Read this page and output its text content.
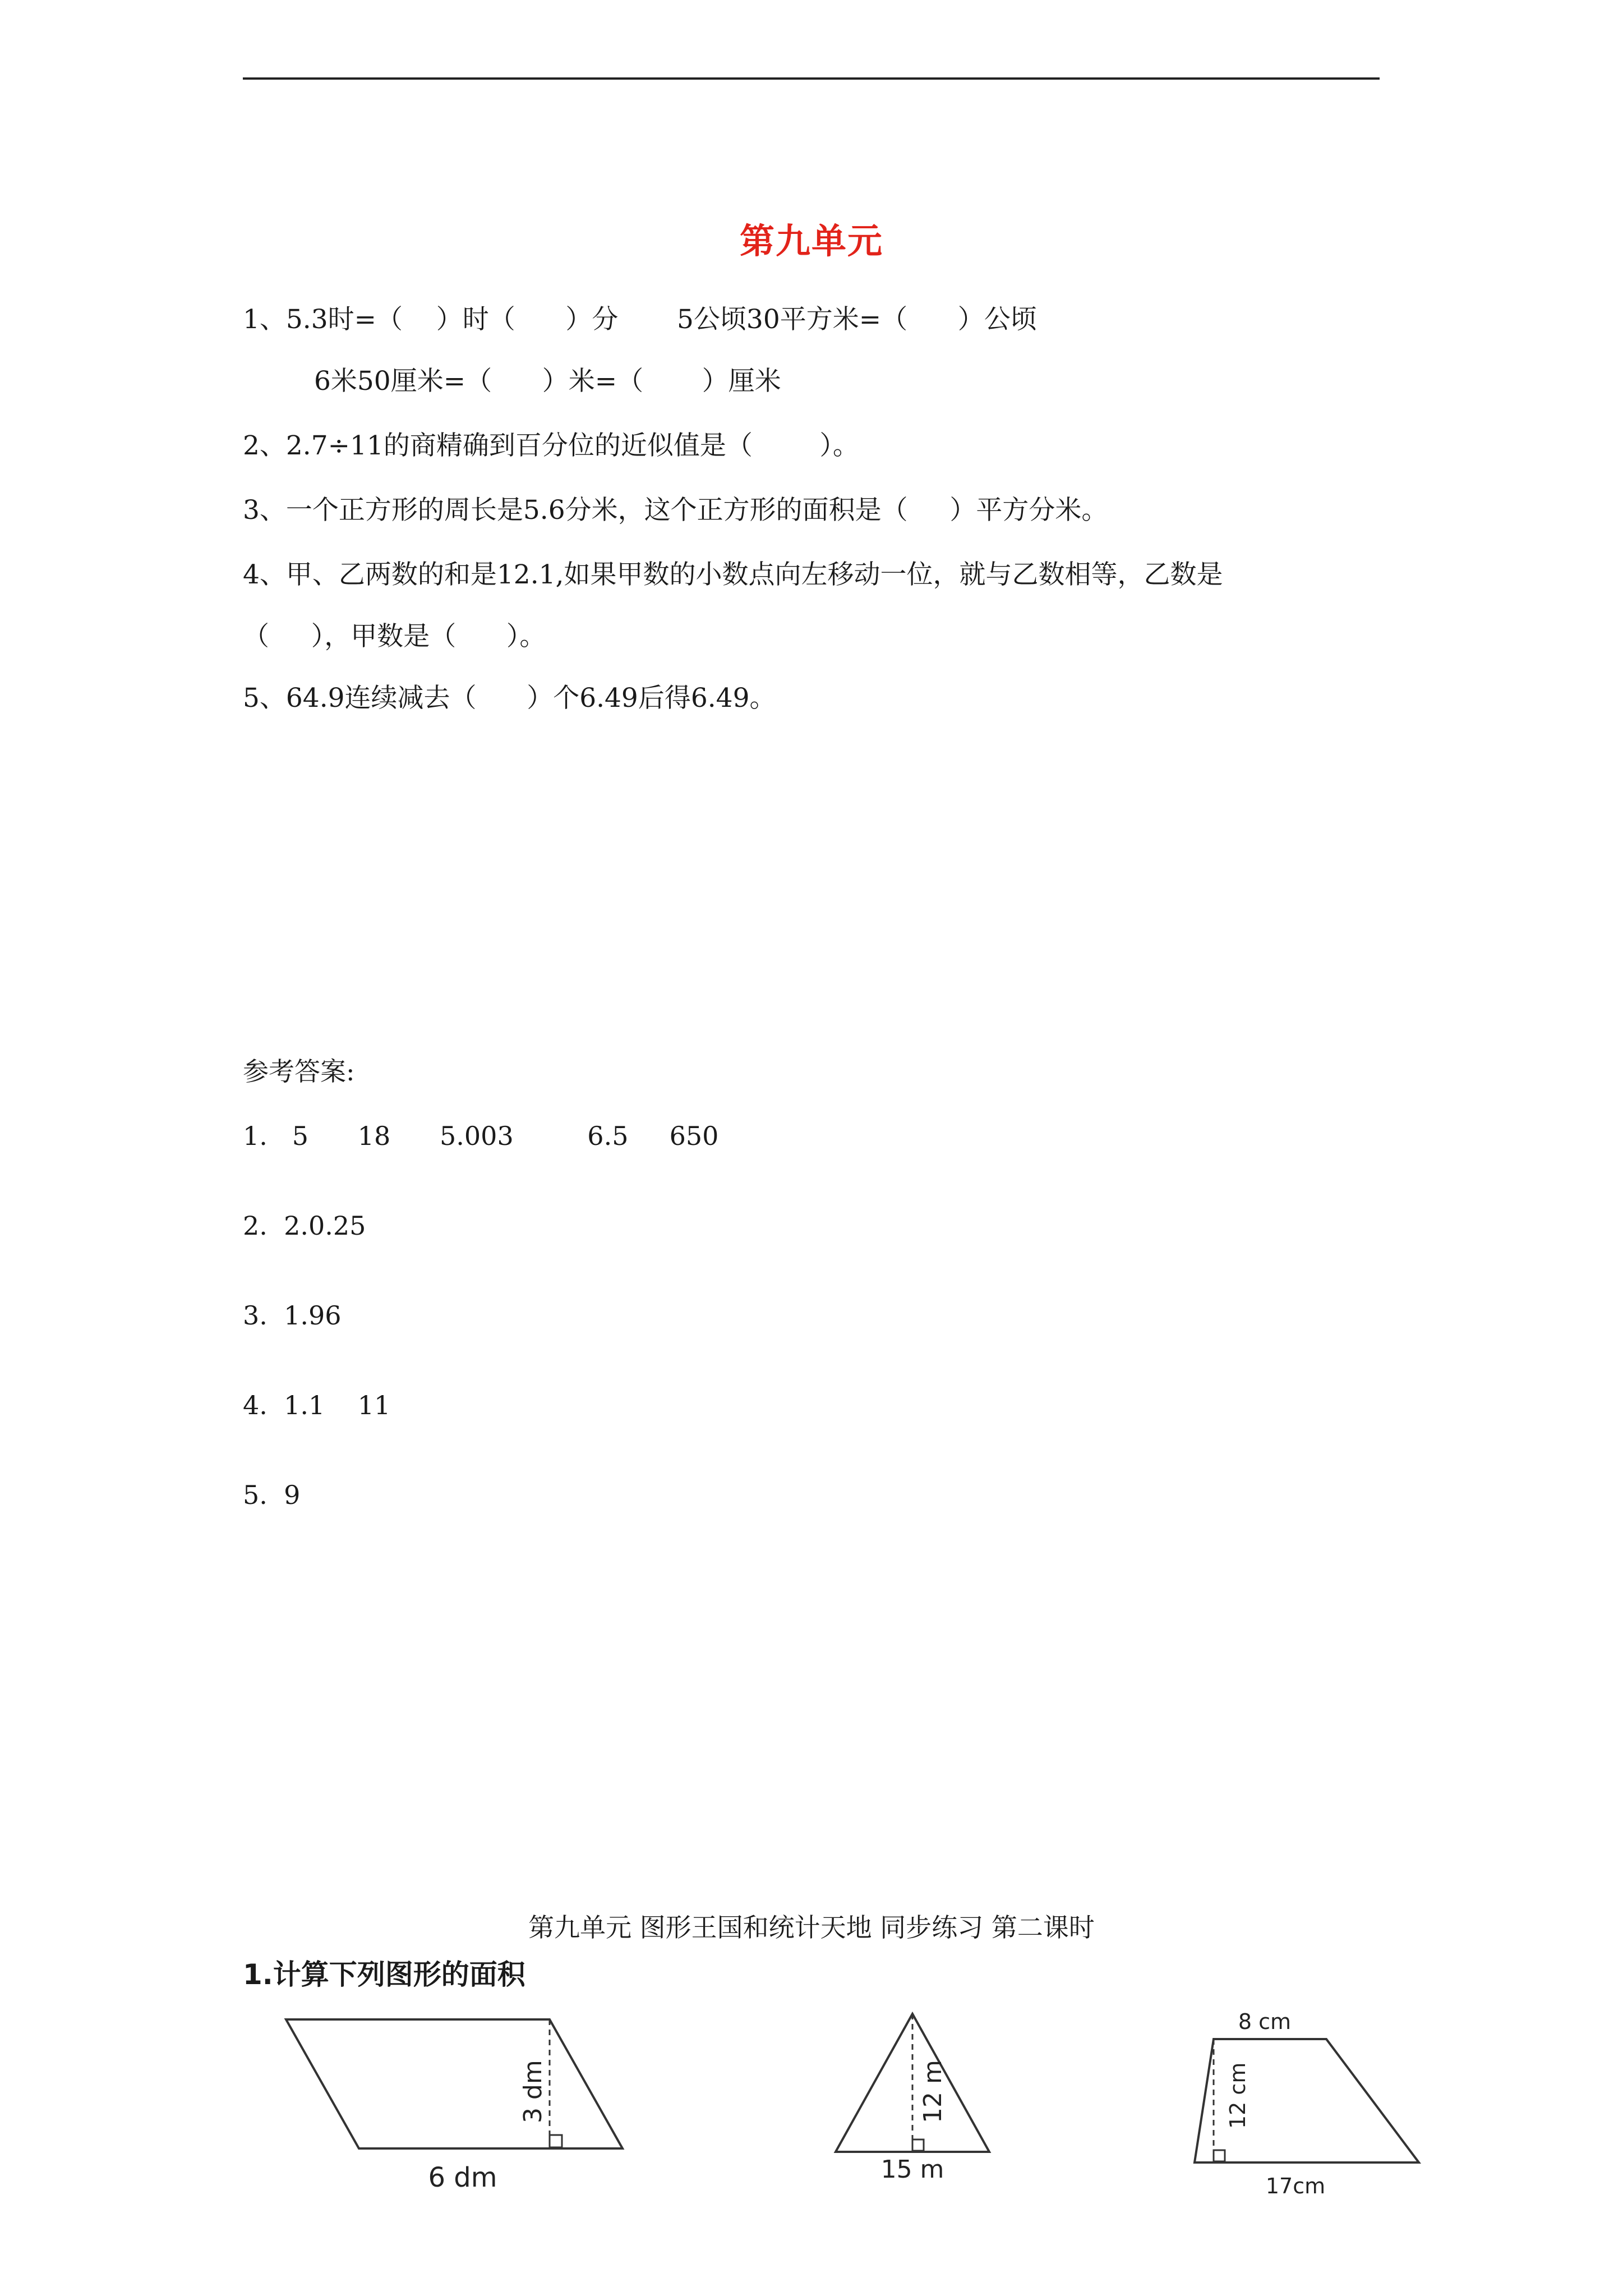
第九单元
1、5.3时=（    ）时（      ）分       5公顷30平方米=（      ）公顷
6米50厘米=（      ）米=（       ）厘米
2、2.7÷11的商精确到百分位的近似值是（        ）。
3、一个正方形的周长是5.6分米，这个正方形的面积是（     ）平方分米。
4、甲、乙两数的和是12.1,如果甲数的小数点向左移动一位，就与乙数相等，乙数是
（     ），甲数是（      ）。
5、64.9连续减去（      ）个6.49后得6.49。
参考答案:
1.   5      18      5.003         6.5     650
2.  2.0.25
3.  1.96
4.  1.1    11
5.  9
第九单元 图形王国和统计天地 同步练习 第二课时
1.计算下列图形的面积
3 dm
6 dm
12 m
15 m
8 cm
12 cm
17cm
